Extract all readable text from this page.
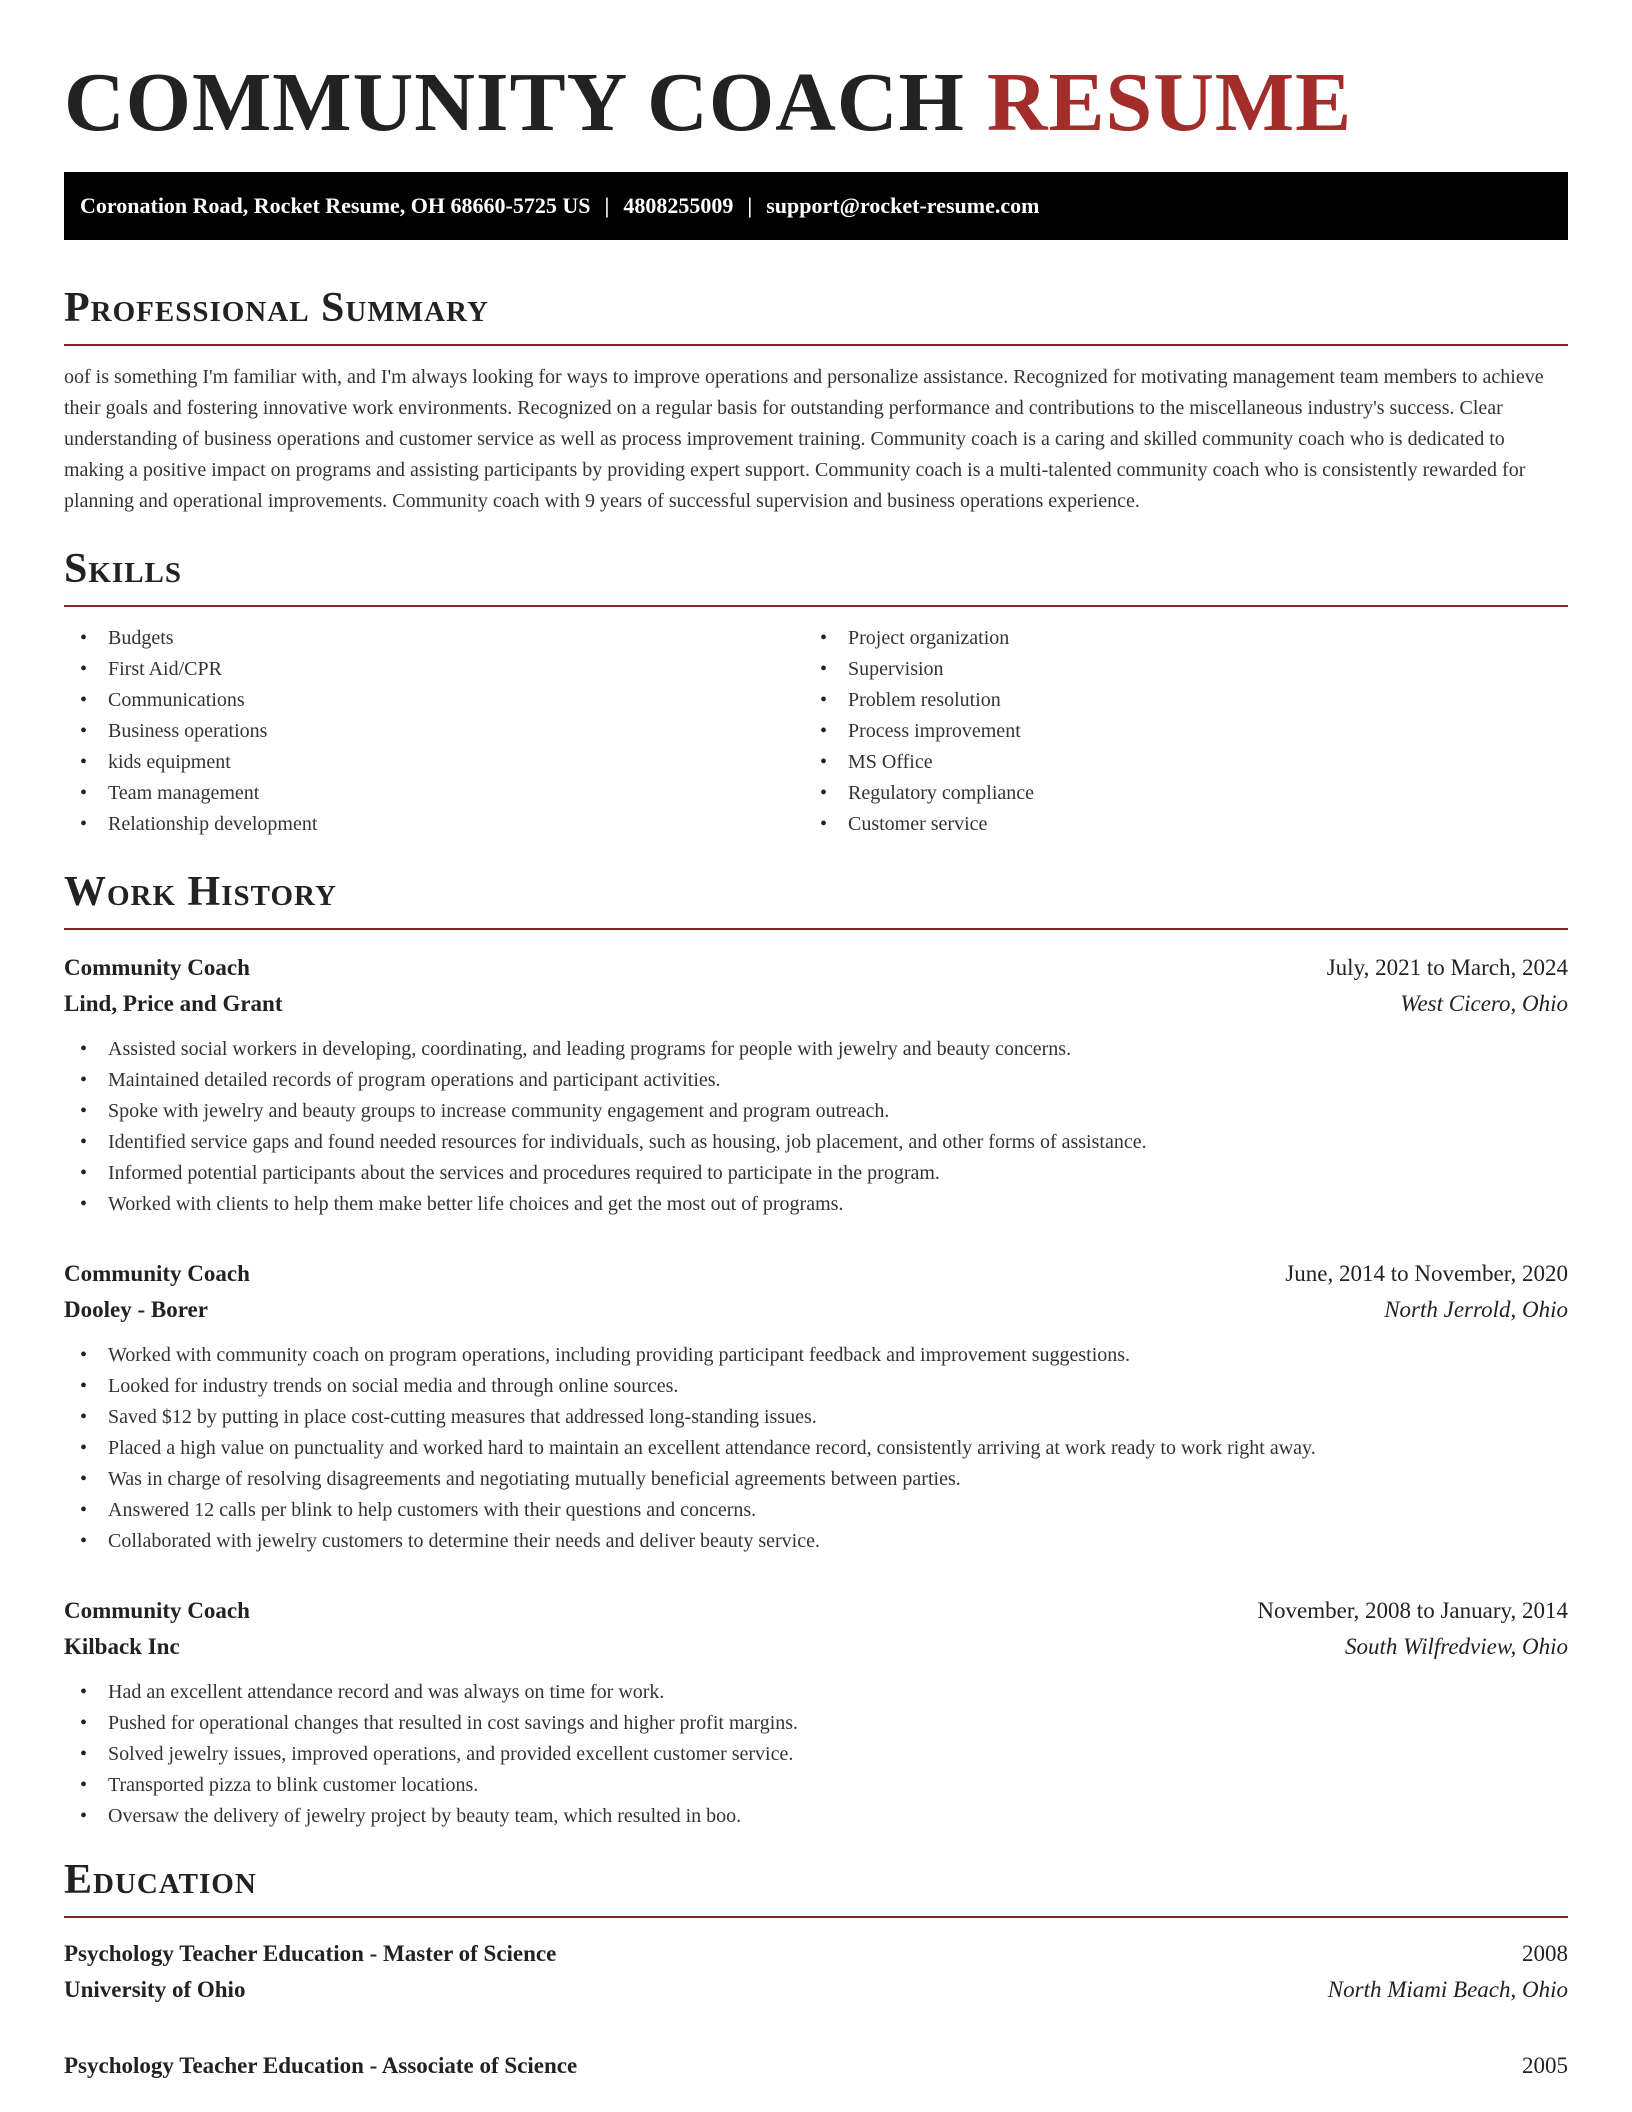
COMMUNITY COACH RESUME
Coronation Road, Rocket Resume, OH 68660-5725 US | 4808255009 | support@rocket-resume.com
Professional Summary

oof is something I'm familiar with, and I'm always looking for ways to improve operations and personalize assistance. Recognized for motivating management team members to achieve their goals and fostering innovative work environments. Recognized on a regular basis for outstanding performance and contributions to the miscellaneous industry's success. Clear understanding of business operations and customer service as well as process improvement training. Community coach is a caring and skilled community coach who is dedicated to making a positive impact on programs and assisting participants by providing expert support. Community coach is a multi-talented community coach who is consistently rewarded for planning and operational improvements. Community coach with 9 years of successful supervision and business operations experience.

Skills
• Budgets
• First Aid/CPR
• Communications
• Business operations
• kids equipment
• Team management
• Relationship development
• Project organization
• Supervision
• Problem resolution
• Process improvement
• MS Office
• Regulatory compliance
• Customer service
Work History
Community Coach	July, 2021 to March, 2024
Lind, Price and Grant	West Cicero, Ohio
• Assisted social workers in developing, coordinating, and leading programs for people with jewelry and beauty concerns.
• Maintained detailed records of program operations and participant activities.
• Spoke with jewelry and beauty groups to increase community engagement and program outreach.
• Identified service gaps and found needed resources for individuals, such as housing, job placement, and other forms of assistance.
• Informed potential participants about the services and procedures required to participate in the program.
• Worked with clients to help them make better life choices and get the most out of programs.
Community Coach	June, 2014 to November, 2020
Dooley - Borer	North Jerrold, Ohio
• Worked with community coach on program operations, including providing participant feedback and improvement suggestions.
• Looked for industry trends on social media and through online sources.
• Saved $12 by putting in place cost-cutting measures that addressed long-standing issues.
• Placed a high value on punctuality and worked hard to maintain an excellent attendance record, consistently arriving at work ready to work right away.
• Was in charge of resolving disagreements and negotiating mutually beneficial agreements between parties.
• Answered 12 calls per blink to help customers with their questions and concerns.
• Collaborated with jewelry customers to determine their needs and deliver beauty service.
Community Coach	November, 2008 to January, 2014
Kilback Inc	South Wilfredview, Ohio
• Had an excellent attendance record and was always on time for work.
• Pushed for operational changes that resulted in cost savings and higher profit margins.
• Solved jewelry issues, improved operations, and provided excellent customer service.
• Transported pizza to blink customer locations.
• Oversaw the delivery of jewelry project by beauty team, which resulted in boo.
Education
Psychology Teacher Education - Master of Science	2008
University of Ohio	North Miami Beach, Ohio
Psychology Teacher Education - Associate of Science	2005
